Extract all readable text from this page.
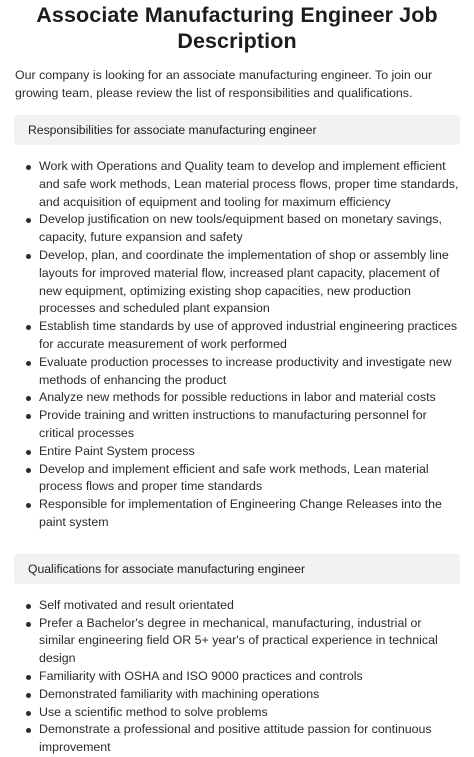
Associate Manufacturing Engineer Job Description

Our company is looking for an associate manufacturing engineer. To join our growing team, please review the list of responsibilities and qualifications.

Responsibilities for associate manufacturing engineer
Work with Operations and Quality team to develop and implement efficient and safe work methods, Lean material process flows, proper time standards, and acquisition of equipment and tooling for maximum efficiency
Develop justification on new tools/equipment based on monetary savings, capacity, future expansion and safety
Develop, plan, and coordinate the implementation of shop or assembly line layouts for improved material flow, increased plant capacity, placement of new equipment, optimizing existing shop capacities, new production processes and scheduled plant expansion
Establish time standards by use of approved industrial engineering practices for accurate measurement of work performed
Evaluate production processes to increase productivity and investigate new methods of enhancing the product
Analyze new methods for possible reductions in labor and material costs
Provide training and written instructions to manufacturing personnel for critical processes
Entire Paint System process
Develop and implement efficient and safe work methods, Lean material process flows and proper time standards
Responsible for implementation of Engineering Change Releases into the paint system
Qualifications for associate manufacturing engineer
Self motivated and result orientated
Prefer a Bachelor's degree in mechanical, manufacturing, industrial or similar engineering field OR 5+ year's of practical experience in technical design
Familiarity with OSHA and ISO 9000 practices and controls
Demonstrated familiarity with machining operations
Use a scientific method to solve problems
Demonstrate a professional and positive attitude passion for continuous improvement
